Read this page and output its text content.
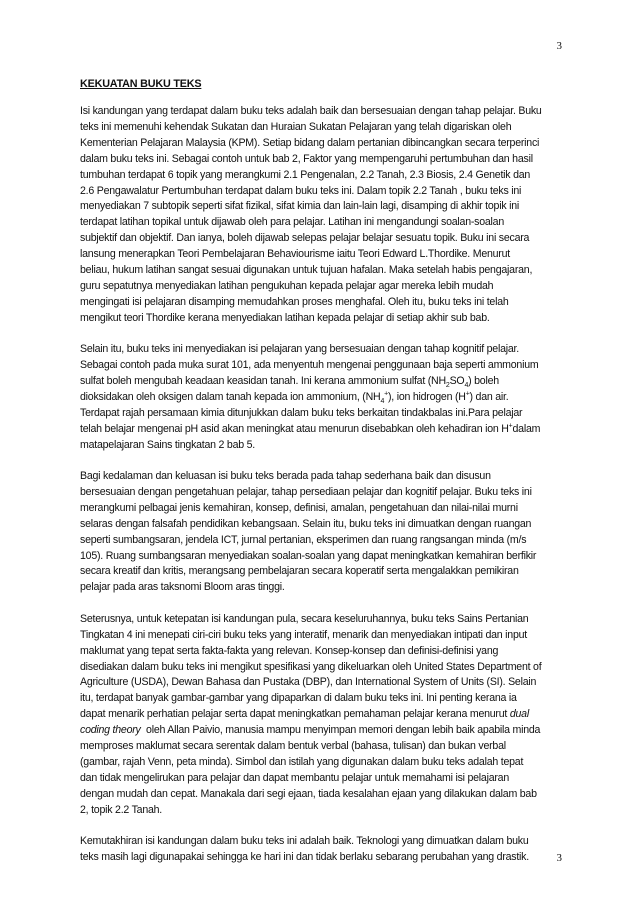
3
KEKUATAN BUKU TEKS
Isi kandungan yang terdapat dalam buku teks adalah baik dan bersesuaian dengan tahap pelajar. Buku
teks ini memenuhi kehendak Sukatan dan Huraian Sukatan Pelajaran yang telah digariskan oleh
Kementerian Pelajaran Malaysia (KPM). Setiap bidang dalam pertanian dibincangkan secara terperinci
dalam buku teks ini. Sebagai contoh untuk bab 2, Faktor yang mempengaruhi pertumbuhan dan hasil
tumbuhan terdapat 6 topik yang merangkumi 2.1 Pengenalan, 2.2 Tanah, 2.3 Biosis, 2.4 Genetik dan
2.6 Pengawalatur Pertumbuhan terdapat dalam buku teks ini. Dalam topik 2.2 Tanah , buku teks ini
menyediakan 7 subtopik seperti sifat fizikal, sifat kimia dan lain-lain lagi, disamping di akhir topik ini
terdapat latihan topikal untuk dijawab oleh para pelajar. Latihan ini mengandungi soalan-soalan
subjektif dan objektif. Dan ianya, boleh dijawab selepas pelajar belajar sesuatu topik. Buku ini secara
lansung menerapkan Teori Pembelajaran Behaviourisme iaitu Teori Edward L.Thordike. Menurut
beliau, hukum latihan sangat sesuai digunakan untuk tujuan hafalan. Maka setelah habis pengajaran,
guru sepatutnya menyediakan latihan pengukuhan kepada pelajar agar mereka lebih mudah
mengingati isi pelajaran disamping memudahkan proses menghafal. Oleh itu, buku teks ini telah
mengikut teori Thordike kerana menyediakan latihan kepada pelajar di setiap akhir sub bab.
Selain itu, buku teks ini menyediakan isi pelajaran yang bersesuaian dengan tahap kognitif pelajar.
Sebagai contoh pada muka surat 101, ada menyentuh mengenai penggunaan baja seperti ammonium
sulfat boleh mengubah keadaan keasidan tanah. Ini kerana ammonium sulfat $(NH_2SO_4)$ boleh
dioksidakan oleh oksigen dalam tanah kepada ion ammonium, $(NH_4^+)$, ion hidrogen (H+) dan air.
Terdapat rajah persamaan kimia ditunjukkan dalam buku teks berkaitan tindakbalas ini.Para pelajar
telah belajar mengenai pH asid akan meningkat atau menurun disebabkan oleh kehadiran ion H+dalam
matapelajaran Sains tingkatan 2 bab 5.
Bagi kedalaman dan keluasan isi buku teks berada pada tahap sederhana baik dan disusun
bersesuaian dengan pengetahuan pelajar, tahap persediaan pelajar dan kognitif pelajar. Buku teks ini
merangkumi pelbagai jenis kemahiran, konsep, definisi, amalan, pengetahuan dan nilai-nilai murni
selaras dengan falsafah pendidikan kebangsaan. Selain itu, buku teks ini dimuatkan dengan ruangan
seperti sumbangsaran, jendela ICT, jurnal pertanian, eksperimen dan ruang rangsangan minda (m/s
105). Ruang sumbangsaran menyediakan soalan-soalan yang dapat meningkatkan kemahiran berfikir
secara kreatif dan kritis, merangsang pembelajaran secara koperatif serta mengalakkan pemikiran
pelajar pada aras taksnomi Bloom aras tinggi.
Seterusnya, untuk ketepatan isi kandungan pula, secara keseluruhannya, buku teks Sains Pertanian
Tingkatan 4 ini menepati ciri-ciri buku teks yang interatif, menarik dan menyediakan intipati dan input
maklumat yang tepat serta fakta-fakta yang relevan. Konsep-konsep dan definisi-definisi yang
disediakan dalam buku teks ini mengikut spesifikasi yang dikeluarkan oleh United States Department of
Agriculture (USDA), Dewan Bahasa dan Pustaka (DBP), dan International System of Units (SI). Selain
itu, terdapat banyak gambar-gambar yang dipaparkan di dalam buku teks ini. Ini penting kerana ia
dapat menarik perhatian pelajar serta dapat meningkatkan pemahaman pelajar kerana menurut dual
coding theory  oleh Allan Paivio, manusia mampu menyimpan memori dengan lebih baik apabila minda
memproses maklumat secara serentak dalam bentuk verbal (bahasa, tulisan) dan bukan verbal
(gambar, rajah Venn, peta minda). Simbol dan istilah yang digunakan dalam buku teks adalah tepat
dan tidak mengelirukan para pelajar dan dapat membantu pelajar untuk memahami isi pelajaran
dengan mudah dan cepat. Manakala dari segi ejaan, tiada kesalahan ejaan yang dilakukan dalam bab
2, topik 2.2 Tanah.
Kemutakhiran isi kandungan dalam buku teks ini adalah baik. Teknologi yang dimuatkan dalam buku
teks masih lagi digunapakai sehingga ke hari ini dan tidak berlaku sebarang perubahan yang drastik.	3
